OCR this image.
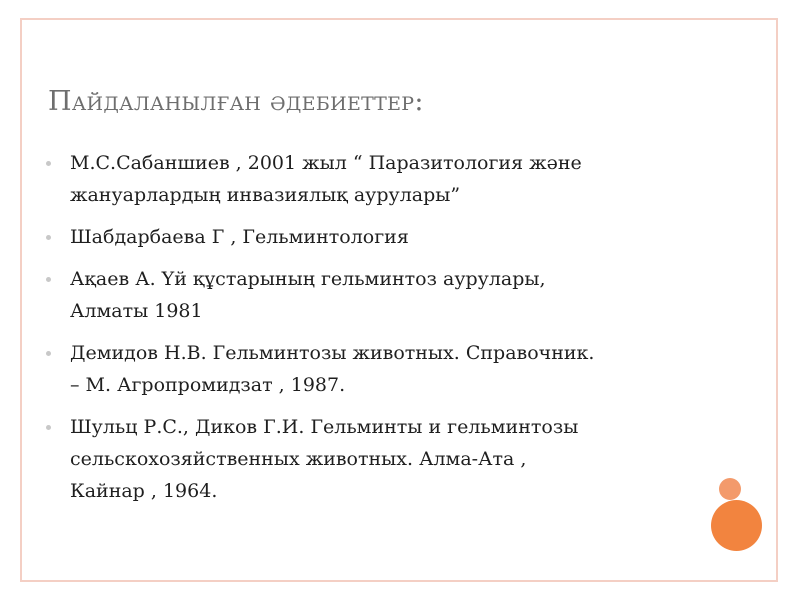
Пайдаланылған әдебиеттер:
М.С.Сабаншиев , 2001 жыл “ Паразитология және
жануарлардың инвазиялық аурулары”
Шабдарбаева Г , Гельминтология
Ақаев А. Үй құстарының гельминтоз аурулары,
Алматы 1981
Демидов Н.В. Гельминтозы животных. Справочник.
– М. Агропромидзат , 1987.
Шульц Р.С., Диков Г.И. Гельминты и гельминтозы
сельскохозяйственных животных. Алма-Ата ,
Кайнар , 1964.
